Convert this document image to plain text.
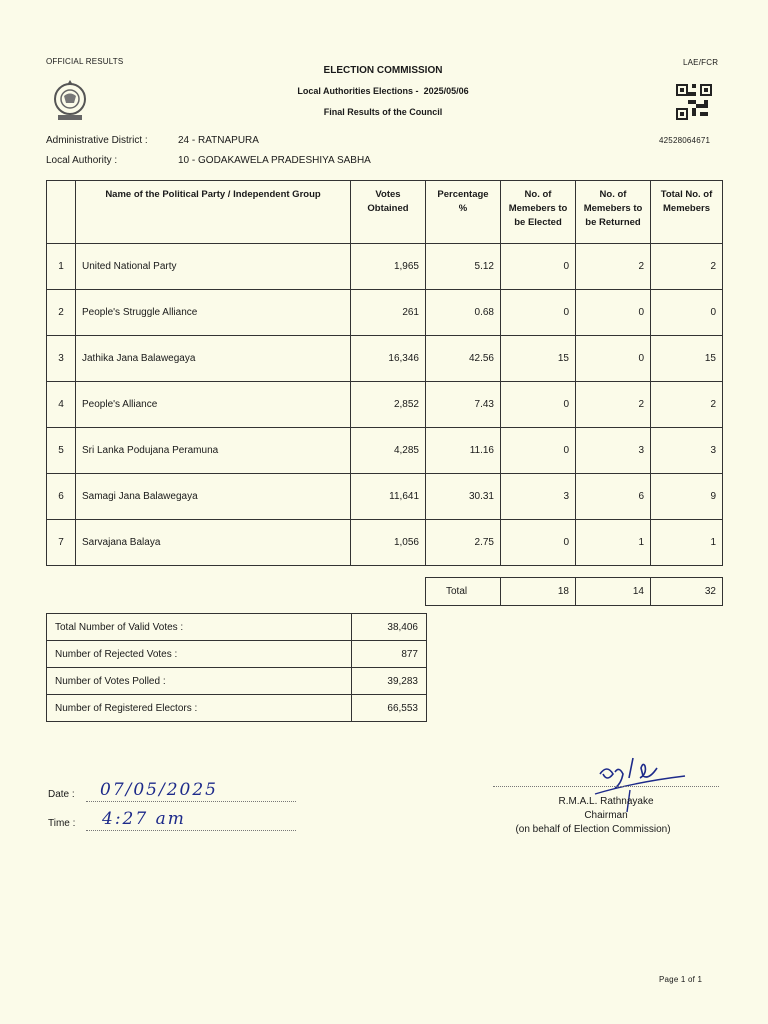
OFFICIAL RESULTS	LAE/FCR
ELECTION COMMISSION
Local Authorities Elections - 2025/05/06
Final Results of the Council
42528064671
Administrative District :	24 - RATNAPURA
Local Authority :	10 - GODAKAWELA PRADESHIYA SABHA
	Name of the Political Party / Independent Group	Votes Obtained	Percentage %	No. of Memebers to be Elected	No. of Memebers to be Returned	Total No. of Memebers
1	United National Party	1,965	5.12	0	2	2
2	People's Struggle Alliance	261	0.68	0	0	0
3	Jathika Jana Balawegaya	16,346	42.56	15	0	15
4	People's Alliance	2,852	7.43	0	2	2
5	Sri Lanka Podujana Peramuna	4,285	11.16	0	3	3
6	Samagi Jana Balawegaya	11,641	30.31	3	6	9
7	Sarvajana Balaya	1,056	2.75	0	1	1
Total	18	14	32
Total Number of Valid Votes :	38,406
Number of Rejected Votes :	877
Number of Votes Polled :	39,283
Number of Registered Electors :	66,553
Date : 07/05/2025
Time : 4:27 am
R.M.A.L. Rathnayake
Chairman
(on behalf of Election Commission)
Page 1 of 1
